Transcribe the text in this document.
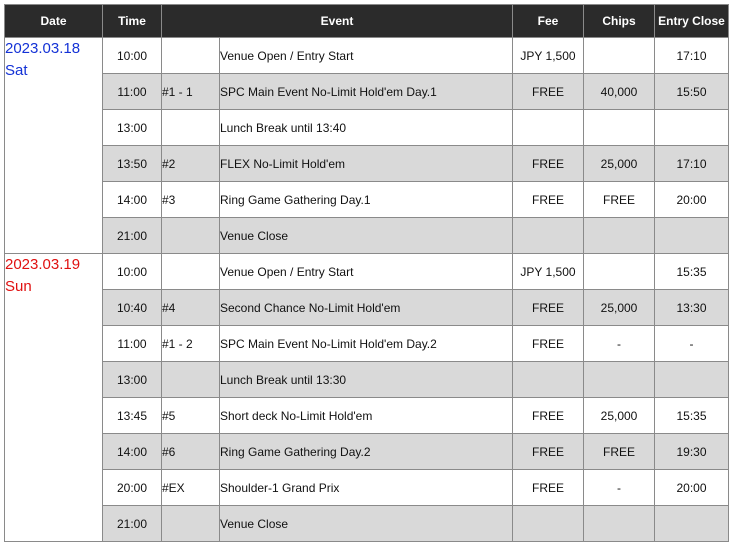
Date	Time	Event		Fee	Chips	Entry Close

2023.03.18
Sat	10:00		Venue Open / Entry Start	JPY 1,500		17:10
	11:00	#1 - 1	SPC Main Event No-Limit Hold'em Day.1	FREE	40,000	15:50
	13:00		Lunch Break until 13:40			
	13:50	#2	FLEX No-Limit Hold'em	FREE	25,000	17:10
	14:00	#3	Ring Game Gathering Day.1	FREE	FREE	20:00
	21:00		Venue Close			

2023.03.19
Sun	10:00		Venue Open / Entry Start	JPY 1,500		15:35
	10:40	#4	Second Chance No-Limit Hold'em	FREE	25,000	13:30
	11:00	#1 - 2	SPC Main Event No-Limit Hold'em Day.2	FREE	-	-
	13:00		Lunch Break until 13:30			
	13:45	#5	Short deck No-Limit Hold'em	FREE	25,000	15:35
	14:00	#6	Ring Game Gathering Day.2	FREE	FREE	19:30
	20:00	#EX	Shoulder-1 Grand Prix	FREE	-	20:00
	21:00		Venue Close			
